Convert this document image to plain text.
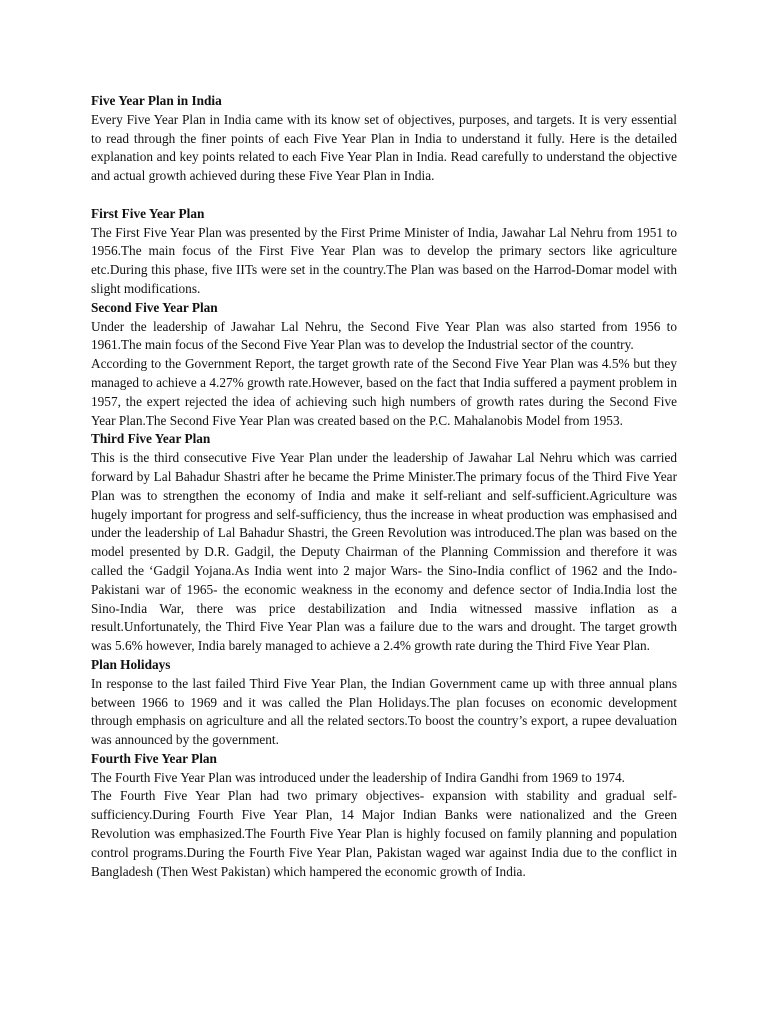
Five Year Plan in India

Every Five Year Plan in India came with its know set of objectives, purposes, and targets. It is very essential to read through the finer points of each Five Year Plan in India to understand it fully. Here is the detailed explanation and key points related to each Five Year Plan in India. Read carefully to understand the objective and actual growth achieved during these Five Year Plan in India.

First Five Year Plan

The First Five Year Plan was presented by the First Prime Minister of India, Jawahar Lal Nehru from 1951 to 1956.The main focus of the First Five Year Plan was to develop the primary sectors like agriculture etc.During this phase, five IITs were set in the country.The Plan was based on the Harrod-Domar model with slight modifications.

Second Five Year Plan

Under the leadership of Jawahar Lal Nehru, the Second Five Year Plan was also started from 1956 to 1961.The main focus of the Second Five Year Plan was to develop the Industrial sector of the country.

According to the Government Report, the target growth rate of the Second Five Year Plan was 4.5% but they managed to achieve a 4.27% growth rate.However, based on the fact that India suffered a payment problem in 1957, the expert rejected the idea of achieving such high numbers of growth rates during the Second Five Year Plan.The Second Five Year Plan was created based on the P.C. Mahalanobis Model from 1953.

Third Five Year Plan

This is the third consecutive Five Year Plan under the leadership of Jawahar Lal Nehru which was carried forward by Lal Bahadur Shastri after he became the Prime Minister.The primary focus of the Third Five Year Plan was to strengthen the economy of India and make it self-reliant and self-sufficient.Agriculture was hugely important for progress and self-sufficiency, thus the increase in wheat production was emphasised and under the leadership of Lal Bahadur Shastri, the Green Revolution was introduced.The plan was based on the model presented by D.R. Gadgil, the Deputy Chairman of the Planning Commission and therefore it was called the ‘Gadgil Yojana.As India went into 2 major Wars- the Sino-India conflict of 1962 and the Indo-Pakistani war of 1965- the economic weakness in the economy and defence sector of India.India lost the Sino-India War, there was price destabilization and India witnessed massive inflation as a result.Unfortunately, the Third Five Year Plan was a failure due to the wars and drought. The target growth was 5.6% however, India barely managed to achieve a 2.4% growth rate during the Third Five Year Plan.

Plan Holidays

In response to the last failed Third Five Year Plan, the Indian Government came up with three annual plans between 1966 to 1969 and it was called the Plan Holidays.The plan focuses on economic development through emphasis on agriculture and all the related sectors.To boost the country’s export, a rupee devaluation was announced by the government.

Fourth Five Year Plan

The Fourth Five Year Plan was introduced under the leadership of Indira Gandhi from 1969 to 1974.

The Fourth Five Year Plan had two primary objectives- expansion with stability and gradual self-sufficiency.During Fourth Five Year Plan, 14 Major Indian Banks were nationalized and the Green Revolution was emphasized.The Fourth Five Year Plan is highly focused on family planning and population control programs.During the Fourth Five Year Plan, Pakistan waged war against India due to the conflict in Bangladesh (Then West Pakistan) which hampered the economic growth of India.
